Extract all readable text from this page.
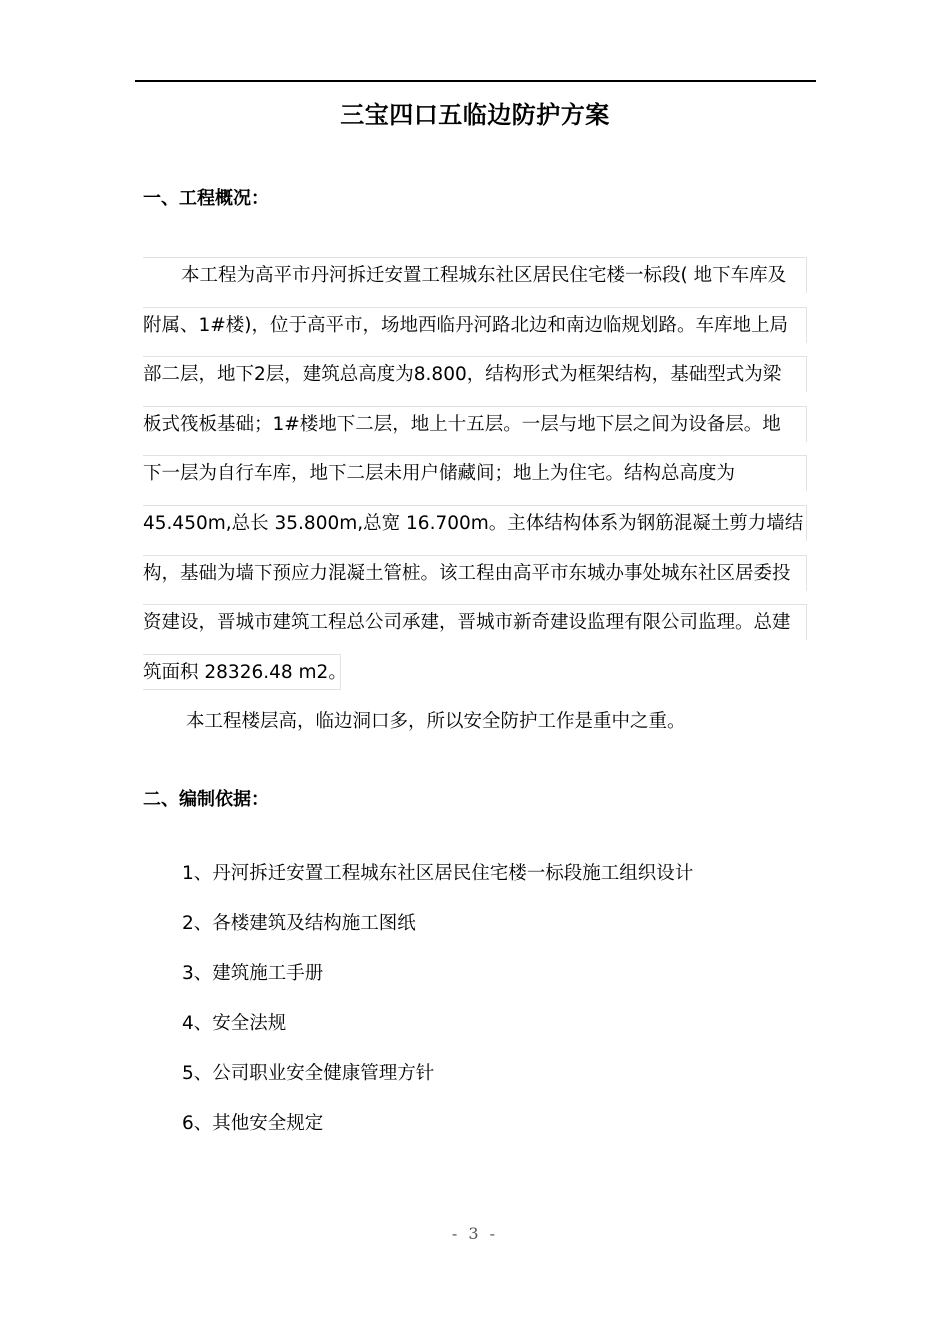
三宝四口五临边防护方案
一、工程概况：
本工程为高平市丹河拆迁安置工程城东社区居民住宅楼一标段( 地下车库及
附属、1#楼)，位于高平市，场地西临丹河路北边和南边临规划路。车库地上局
部二层，地下2层，建筑总高度为8.800，结构形式为框架结构，基础型式为梁
板式筏板基础；1#楼地下二层，地上十五层。一层与地下层之间为设备层。地
下一层为自行车库，地下二层未用户储藏间；地上为住宅。结构总高度为
45.450m,总长 35.800m,总宽 16.700m。主体结构体系为钢筋混凝土剪力墙结
构，基础为墙下预应力混凝土管桩。该工程由高平市东城办事处城东社区居委投
资建设，晋城市建筑工程总公司承建，晋城市新奇建设监理有限公司监理。总建
筑面积 28326.48 m2。
本工程楼层高，临边洞口多，所以安全防护工作是重中之重。
二、编制依据：
1、丹河拆迁安置工程城东社区居民住宅楼一标段施工组织设计
2、各楼建筑及结构施工图纸
3、建筑施工手册
4、安全法规
5、公司职业安全健康管理方针
6、其他安全规定
- 3 -
